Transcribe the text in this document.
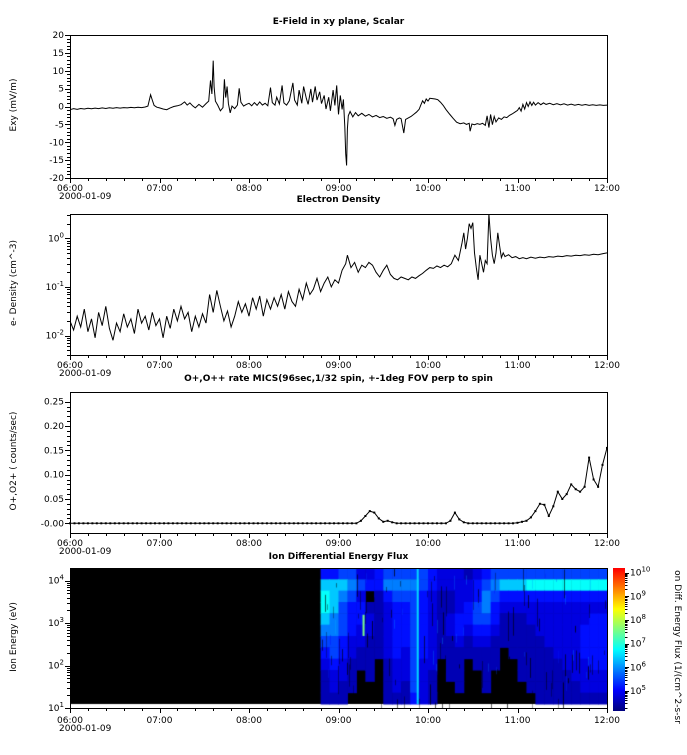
06:00	07:00	08:00	09:00	10:00	11:00	12:00
06:00	07:00	08:00	09:00	10:00	11:00	12:00
06:00	07:00	08:00	09:00	10:00	11:00	12:00
06:00	07:00	08:00	09:00	10:00	11:00	12:00
20
15
10
5
0
-5
-10
-15
-20
$10^0$
$10^{-1}$
$10^{-2}$
0.25
0.20
0.15
0.10
0.05
-0.00
$10^4$
$10^3$
$10^2$
$10^1$
$10^{10}$
$10^9$
$10^8$
$10^7$
$10^6$
$10^5$
E-Field in xy plane, Scalar
Electron Density
O+,O++ rate MICS(96sec,1/32 spin, +-1deg FOV perp to spin
Ion Differential Energy Flux
Exy (mV/m)
e- Density (cm^-3)
O+,O2+ ( counts/sec)
Ion Energy (eV)	on Diff. Energy Flux (1/(cm^2-s-sr
2000-01-09
2000-01-09
2000-01-09
2000-01-09
